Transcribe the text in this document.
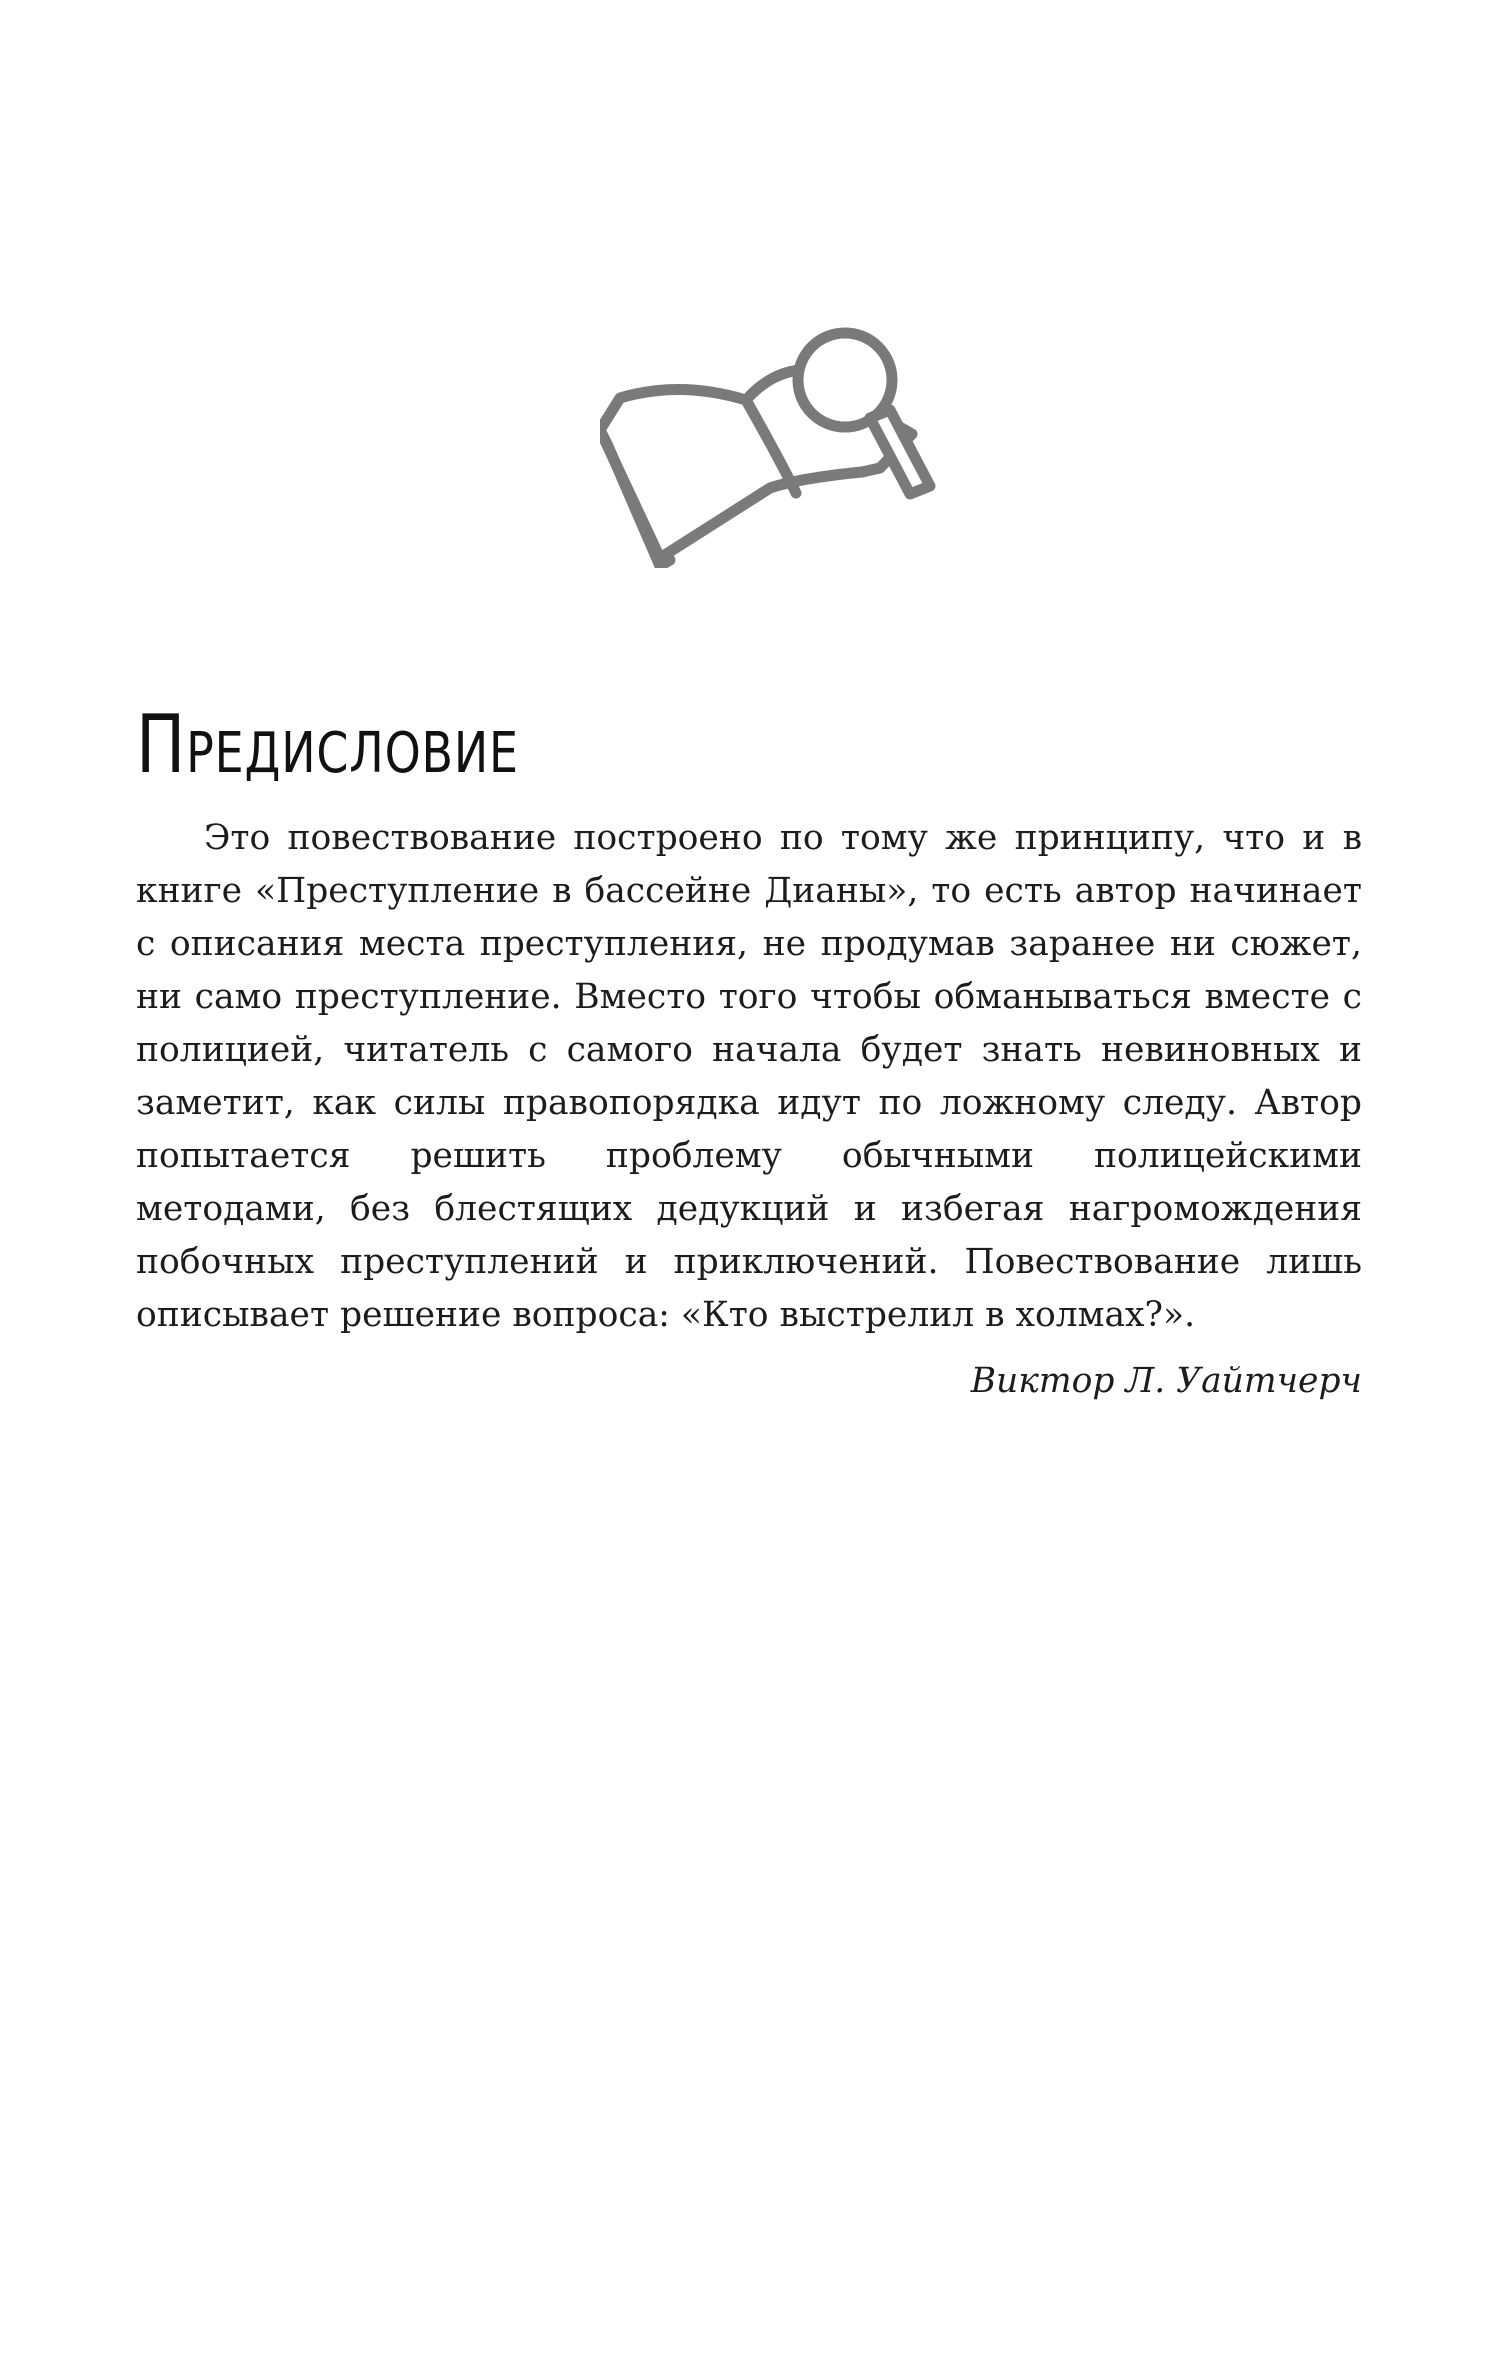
Предисловие

Это повествование построено по тому же принципу, что и в книге «Преступление в бассейне Дианы», то есть автор начинает с описания места преступления, не продумав заранее ни сюжет, ни само преступление. Вместо того чтобы обманываться вместе с полицией, читатель с самого начала будет знать невиновных и заметит, как силы правопорядка идут по ложному следу. Автор попытается решить проблему обычными полицейскими методами, без блестящих дедукций и избегая нагромождения побочных преступлений и приключений. Повествование лишь описывает решение вопроса: «Кто выстрелил в холмах?».

Виктор Л. Уайтчерч
